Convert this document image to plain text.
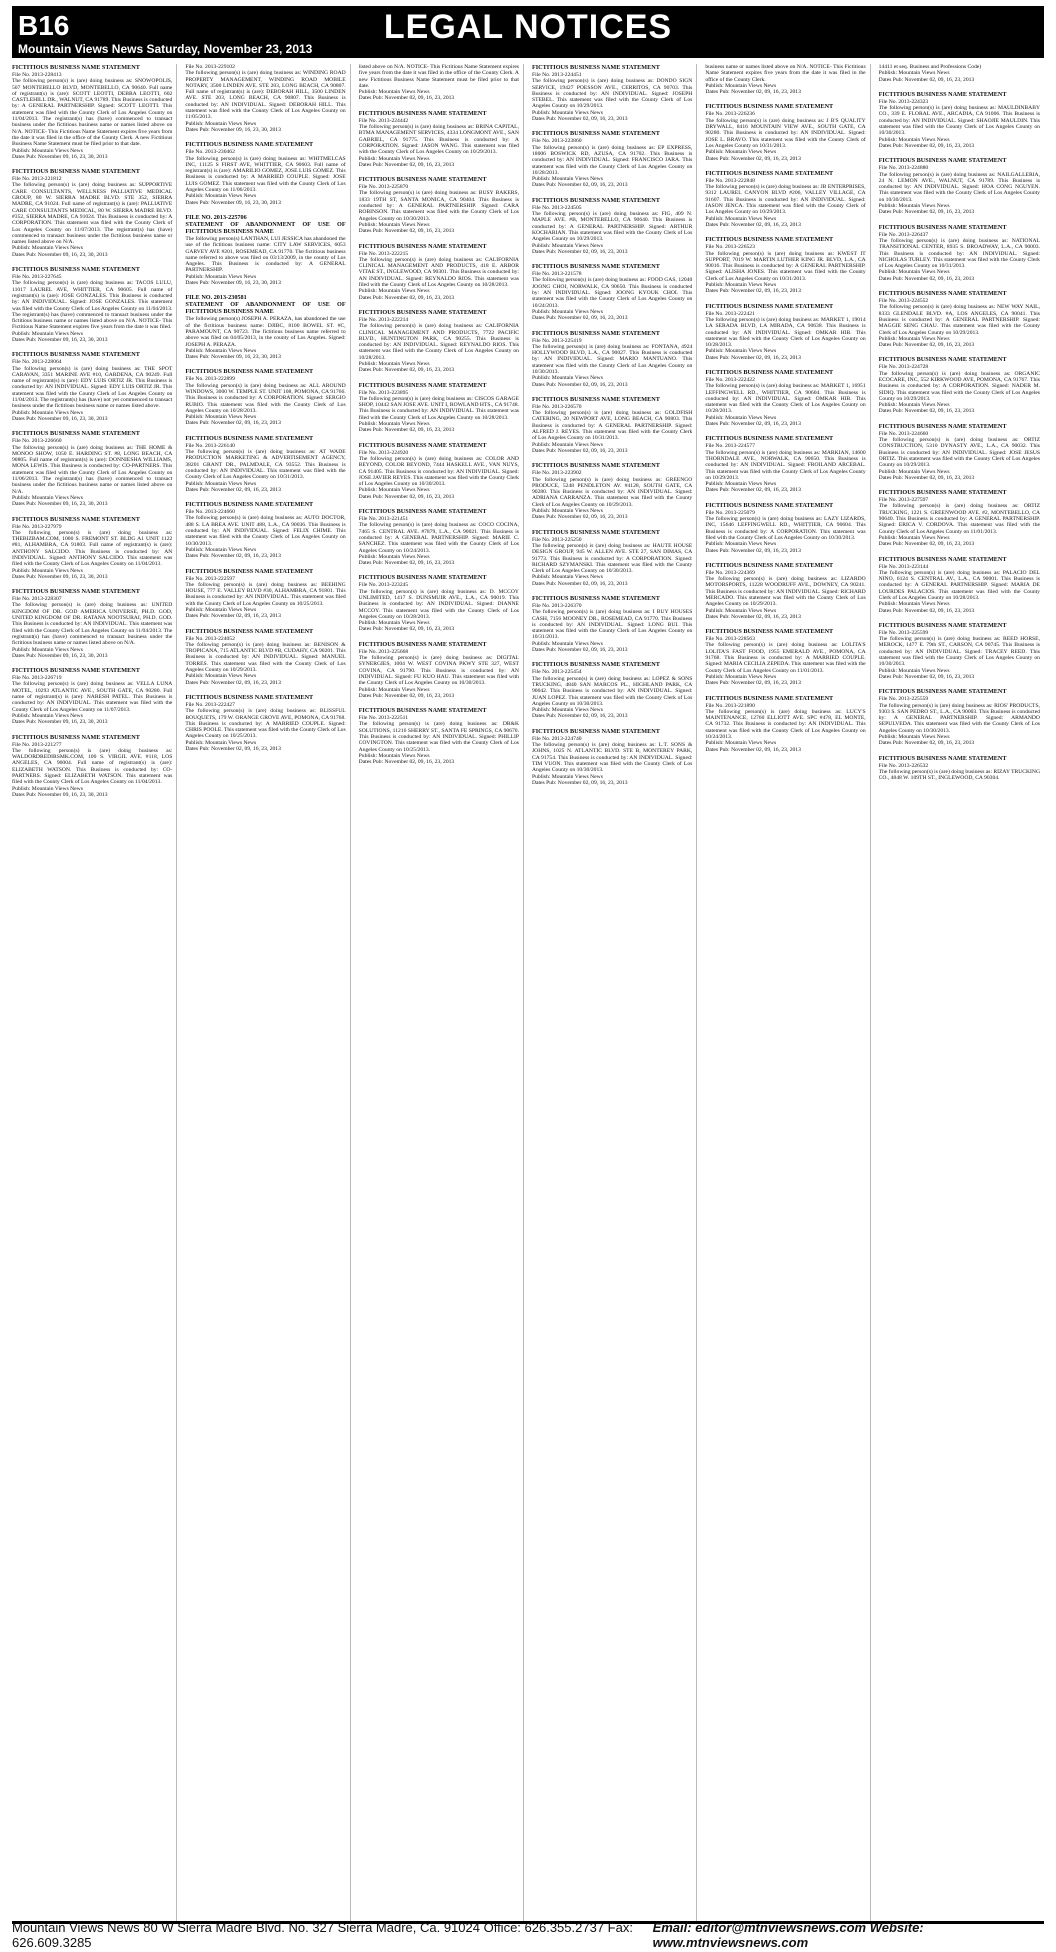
B16	LEGAL NOTICES
Mountain Views News Saturday, November 23, 2013
FICTITIOUS BUSINESS NAME STATEMENT
File No. 2013-228413
The following person(s) is (are) doing business as: SNOWOPOLIS, 507 MONTEBELLO BLVD, MONTEBELLO, CA 90640. Full name of registrant(s) is (are): SCOTT LEOTTI, DEBRA LEOTTI, 602 CASTLEHILL DR., WALNUT, CA 91789. This Business is conducted by: A GENERAL PARTNERSHIP. Signed: SCOTT LEOTTI. This statement was filed with the County Clerk of Los Angeles County on 11/04/2013. The registrant(s) has (have) commenced to transact business under the fictitious business name or names listed above on N/A. NOTICE- This Fictitious Name Statement expires five years from the date it was filed in the office of the County Clerk. A new Fictitious Business Name Statement must be filed prior to that date.
Publish: Mountain Views News
Dates Pub: November 09, 16, 23, 30, 2013
FICTITIOUS BUSINESS NAME STATEMENT
File No. 2013-221812
The following person(s) is (are) doing business as: SUPPORTIVE CARE CONSULTANTS, WELLNESS PALLIATIVE MEDICAL GROUP, 80 W. SIERRA MADRE BLVD. STE 352, SIERRA MADRE, CA 91024. Full name of registrant(s) is (are): PALLIATIVE CARE CONSULTANTS MEDICAL, 80 W. SIERRA MADRE BLVD. #352, SIERRA MADRE, CA 91024. This Business is conducted by: A CORPORATION. This statement was filed with the County Clerk of Los Angeles County on 11/07/2013. The registrant(s) has (have) commenced to transact business under the fictitious business name or names listed above on N/A.
Publish: Mountain Views News
Dates Pub: November 09, 16, 23, 30, 2013
FICTITIOUS BUSINESS NAME STATEMENT
File No. 2013-227645
The following person(s) is (are) doing business as: TACOS LULU, 11017 LAUREL AVE, WHITTIER, CA 90605. Full name of registrant(s) is (are): JOSE GONZALES. This Business is conducted by: AN INDIVIDUAL. Signed: JOSE GONZALES. This statement was filed with the County Clerk of Los Angeles County on 11/04/2013. The registrant(s) has (have) commenced to transact business under the fictitious business name or names listed above on N/A. NOTICE- This Fictitious Name Statement expires five years from the date it was filed.
Publish: Mountain Views News
Dates Pub: November 09, 16, 23, 30, 2013
FICTITIOUS BUSINESS NAME STATEMENT
File No. 2013-228064
The following person(s) is (are) doing business as: THE SPOT CARAVAN, 3351 MARINE AVE #10, GARDENA, CA 90249. Full name of registrant(s) is (are): EDY LUIS ORTIZ JR. This Business is conducted by: AN INDIVIDUAL. Signed: EDY LUIS ORTIZ JR. This statement was filed with the County Clerk of Los Angeles County on 11/04/2013. The registrant(s) has (have) not yet commenced to transact business under the fictitious business name or names listed above.
Publish: Mountain Views News
Dates Pub: November 09, 16, 23, 30, 2013
FICTITIOUS BUSINESS NAME STATEMENT
File No. 2013-226660
The following person(s) is (are) doing business as: THE HOME & MONOO SHOW, 1050 E. HARDING ST. #8, LONG BEACH, CA 90805. Full name of registrant(s) is (are): DONNIESHA WILLIAMS, MONA LEWIS. This Business is conducted by: CO-PARTNERS. This statement was filed with the County Clerk of Los Angeles County on 11/06/2013. The registrant(s) has (have) commenced to transact business under the fictitious business name or names listed above on N/A.
Publish: Mountain Views News
Dates Pub: November 09, 16, 23, 30, 2013
FICTITIOUS BUSINESS NAME STATEMENT
File No. 2013-227979
The following person(s) is (are) doing business as: THEBIZBAM.COM, 1000 S. FREMONT ST. BLDG A1 UNIT 1122 #81, ALHAMBRA, CA 91803. Full name of registrant(s) is (are): ANTHONY SALCIDO. This Business is conducted by: AN INDIVIDUAL. Signed: ANTHONY SALCIDO. This statement was filed with the County Clerk of Los Angeles County on 11/04/2013.
Publish: Mountain Views News
Dates Pub: November 09, 16, 23, 30, 2013
FICTITIOUS BUSINESS NAME STATEMENT
File No. 2013-228307
The following person(s) is (are) doing business as: UNITED KINGDOM OF DR. GOD AMERICA UNIVERSE, PH.D. GOD, UNITED KINGDOM OF DR. RATANA NOOTSURAI, PH.D. GOD. This Business is conducted by: AN INDIVIDUAL. This statement was filed with the County Clerk of Los Angeles County on 11/04/2013. The registrant(s) has (have) commenced to transact business under the fictitious business name or names listed above on N/A.
Publish: Mountain Views News
Dates Pub: November 09, 16, 23, 30, 2013
FICTITIOUS BUSINESS NAME STATEMENT
File No. 2013-226719
The following person(s) is (are) doing business as: VELLA LUNA MOTEL, 10293 ATLANTIC AVE., SOUTH GATE, CA 90280. Full name of registrant(s) is (are): NARESH PATEL. This Business is conducted by: AN INDIVIDUAL. This statement was filed with the County Clerk of Los Angeles County on 11/07/2013.
Publish: Mountain Views News
Dates Pub: November 09, 16, 23, 30, 2013
FICTITIOUS BUSINESS NAME STATEMENT
File No. 2013-221277
The following person(s) is (are) doing business as: WALDORDREDIRSMK.COM, 100 S. VIRGIL AVE. #118, LOS ANGELES, CA 90004. Full name of registrant(s) is (are): ELIZABETH WATSON. This Business is conducted by: CO-PARTNERS. Signed: ELIZABETH WATSON. This statement was filed with the County Clerk of Los Angeles County on 11/04/2013.
Publish: Mountain Views News
Dates Pub: November 09, 16, 23, 30, 2013
File No. 2013-229102
The following person(s) is (are) doing business as: WINDING ROAD PROPERTY MANAGEMENT, WINDING ROAD MOBILE NOTARY, 3500 LINDEN AVE. STE 203, LONG BEACH, CA 90807. Full name of registrant(s) is (are): DEBORAH HILL, 3500 LINDEN AVE. STE 203, LONG BEACH, CA 90807. This Business is conducted by: AN INDIVIDUAL. Signed: DEBORAH HILL. This statement was filed with the County Clerk of Los Angeles County on 11/05/2013.
Publish: Mountain Views News
Dates Pub: November 09, 16, 23, 30, 2013
FICTITIOUS BUSINESS NAME STATEMENT
File No. 2013-230462
The following person(s) is (are) doing business as: WHITMELCAS INC, 11125 S FIRST AVE, WHITTIER, CA 90603. Full name of registrant(s) is (are): AMARILIO GOMEZ, JOSE LUIS GOMEZ. This Business is conducted by: A MARRIED COUPLE. Signed: JOSE LUIS GOMEZ. This statement was filed with the County Clerk of Los Angeles County on 11/06/2013.
Publish: Mountain Views News
Dates Pub: November 09, 16, 23, 30, 2013
FILE NO. 2013-225706
STATEMENT OF ABANDONMENT OF USE OF FICTITIOUS BUSINESS NAME
The following person(s) LANTHAN, LUI JESSICA has abandoned the use of the fictitious business name: CITY LAW SERVICES, 6053 GARVEY AVE #201, ROSEMEAD, CA 91770. The fictitious business name referred to above was filed on 03/13/2009, in the county of Los Angeles. This Business is conducted by: A GENERAL PARTNERSHIP.
Publish: Mountain Views News
Dates Pub: November 09, 16, 23, 30, 2013
FILE NO. 2013-230581
STATEMENT OF ABANDONMENT OF USE OF FICTITIOUS BUSINESS NAME
The following person(s) JOSEPH A. PERAZA, has abandoned the use of the fictitious business name: DJIBC, 8100 BOWEL ST. #C, PARAMOUNT, CA 90723. The fictitious business name referred to above was filed on 04/05/2013, in the county of Los Angeles. Signed: JOSEPH A. PERAZA.
Publish: Mountain Views News
Dates Pub: November 09, 16, 23, 30, 2013
FICTITIOUS BUSINESS NAME STATEMENT
File No. 2013-222899
The following person(s) is (are) doing business as: ALL AROUND WINDOWS, 3000 W. TEMPLE ST. UNIT 108, POMONA, CA 91766. This Business is conducted by: A CORPORATION. Signed: SERGIO RUBIO. This statement was filed with the County Clerk of Los Angeles County on 10/28/2013.
Publish: Mountain Views News
Dates Pub: November 02, 09, 16, 23, 2013
FICTITIOUS BUSINESS NAME STATEMENT
File No. 2013-226140
The following person(s) is (are) doing business as: AT WADE PRODUCTION MARKETING & ADVERTISEMENT AGENCY, 38201 GRANT DR., PALMDALE, CA 93552. This Business is conducted by: AN INDIVIDUAL. This statement was filed with the County Clerk of Los Angeles County on 10/31/2013.
Publish: Mountain Views News
Dates Pub: November 02, 09, 16, 23, 2013
FICTITIOUS BUSINESS NAME STATEMENT
File No. 2013-224660
The following person(s) is (are) doing business as: AUTO DOCTOR, 488 S. LA BREA AVE. UNIT 488, L.A., CA 90036. This Business is conducted by: AN INDIVIDUAL. Signed: FELIX CHIME. This statement was filed with the County Clerk of Los Angeles County on 10/30/2013.
Publish: Mountain Views News
Dates Pub: November 02, 09, 16, 23, 2013
FICTITIOUS BUSINESS NAME STATEMENT
File No. 2013-222597
The following person(s) is (are) doing business as: BEEHING HOUSE, 777 E. VALLEY BLVD #30, ALHAMBRA, CA 91801. This Business is conducted by: AN INDIVIDUAL. This statement was filed with the County Clerk of Los Angeles County on 10/25/2013.
Publish: Mountain Views News
Dates Pub: November 02, 09, 16, 23, 2013
FICTITIOUS BUSINESS NAME STATEMENT
File No. 2013-224052
The following person(s) is (are) doing business as: BENISON & TROPICANA, 715 ATLANTIC BLVD #B, CUDAHY, CA 90201. This Business is conducted by: AN INDIVIDUAL. Signed: MANUEL TORRES. This statement was filed with the County Clerk of Los Angeles County on 10/29/2013.
Publish: Mountain Views News
Dates Pub: November 02, 09, 16, 23, 2013
FICTITIOUS BUSINESS NAME STATEMENT
File No. 2013-222427
The following person(s) is (are) doing business as: BLISSFUL BOUQUETS, 179 W. ORANGE GROVE AVE, POMONA, CA 91768. This Business is conducted by: A MARRIED COUPLE. Signed: CHRIS POOLE. This statement was filed with the County Clerk of Los Angeles County on 10/25/2013.
Publish: Mountain Views News
Dates Pub: November 02, 09, 16, 23, 2013
listed above on N/A. NOTICE- This Fictitious Name Statement expires five years from the date it was filed in the office of the County Clerk. A new Fictitious Business Name Statement must be filed prior to that date.
Publish: Mountain Views News
Dates Pub: November 02, 09, 16, 23, 2013
FICTITIOUS BUSINESS NAME STATEMENT
File No. 2013-224442
The following person(s) is (are) doing business as: BRINA CAPITAL, BTMA MANAGEMENT SERVICES, 4334 LONGMONT AVE., SAN GABRIEL, CA 91775. This Business is conducted by: A CORPORATION. Signed: JASON WANG. This statement was filed with the County Clerk of Los Angeles County on 10/29/2013.
Publish: Mountain Views News
Dates Pub: November 02, 09, 16, 23, 2013
FICTITIOUS BUSINESS NAME STATEMENT
File No. 2013-225870
The following person(s) is (are) doing business as: BUSY BAKERS, 1833 19TH ST, SANTA MONICA, CA 90404. This Business is conducted by: A GENERAL PARTNERSHIP. Signed: CARA ROBINSON. This statement was filed with the County Clerk of Los Angeles County on 10/30/2013.
Publish: Mountain Views News
Dates Pub: November 02, 09, 16, 23, 2013
FICTITIOUS BUSINESS NAME STATEMENT
File No. 2013-222215
The following person(s) is (are) doing business as: CALIFORNIA CLINICAL MANAGEMENT AND PRODUCTS, 418 E. ARBOR VITAE ST., INGLEWOOD, CA 90301. This Business is conducted by: AN INDIVIDUAL. Signed: REYNALDO RIOS. This statement was filed with the County Clerk of Los Angeles County on 10/28/2013.
Publish: Mountain Views News
Dates Pub: November 02, 09, 16, 23, 2013
FICTITIOUS BUSINESS NAME STATEMENT
File No. 2013-222214
The following person(s) is (are) doing business as: CALIFORNIA CLINICAL MANAGEMENT AND PRODUCTS, 7722 PACIFIC BLVD., HUNTINGTON PARK, CA 90255. This Business is conducted by: AN INDIVIDUAL. Signed: REYNALDO RIOS. This statement was filed with the County Clerk of Los Angeles County on 10/28/2013.
Publish: Mountain Views News
Dates Pub: November 02, 09, 16, 23, 2013
FICTITIOUS BUSINESS NAME STATEMENT
File No. 2013-223895
The following person(s) is (are) doing business as: CISCOS GARAGE SHOP, 10442 SAN JOSE AVE. UNIT I, ROWLAND HTS., CA 91748. This Business is conducted by: AN INDIVIDUAL. This statement was filed with the County Clerk of Los Angeles County on 10/28/2013.
Publish: Mountain Views News
Dates Pub: November 02, 09, 16, 23, 2013
FICTITIOUS BUSINESS NAME STATEMENT
File No. 2013-224920
The following person(s) is (are) doing business as: COLOR AND BEYOND, COLOR BEYOND, 7444 HASKELL AVE., VAN NUYS, CA 91405. This Business is conducted by: AN INDIVIDUAL. Signed: JOSE JAVIER REYES. This statement was filed with the County Clerk of Los Angeles County on 10/30/2013.
Publish: Mountain Views News
Dates Pub: November 02, 09, 16, 23, 2013
FICTITIOUS BUSINESS NAME STATEMENT
File No. 2013-221451
The following person(s) is (are) doing business as: COCO COCINA, 7465 S. CENTRAL AVE. #7879, L.A., CA 90021. This Business is conducted by: A GENERAL PARTNERSHIP. Signed: MARIE C. SANCHEZ. This statement was filed with the County Clerk of Los Angeles County on 10/24/2013.
Publish: Mountain Views News
Dates Pub: November 02, 09, 16, 23, 2013
FICTITIOUS BUSINESS NAME STATEMENT
File No. 2013-223245
The following person(s) is (are) doing business as: D. MCCOY UNLIMITED, 1417 S. DUNSMUIR AVE., L.A., CA 90019. This Business is conducted by: AN INDIVIDUAL. Signed: DIANNE MCCOY. This statement was filed with the County Clerk of Los Angeles County on 10/28/2013.
Publish: Mountain Views News
Dates Pub: November 02, 09, 16, 23, 2013
FICTITIOUS BUSINESS NAME STATEMENT
File No. 2013-225668
The following person(s) is (are) doing business as: DIGITAL SYNERGIES, 1004 W. WEST COVINA PKWY STE 327, WEST COVINA, CA 91790. This Business is conducted by: AN INDIVIDUAL. Signed: FU KUO HAU. This statement was filed with the County Clerk of Los Angeles County on 10/30/2013.
Publish: Mountain Views News
Dates Pub: November 02, 09, 16, 23, 2013
FICTITIOUS BUSINESS NAME STATEMENT
File No. 2013-222511
The following person(s) is (are) doing business as: DR&K SOLUTIONS, 11216 SHERRY ST., SANTA FE SPRINGS, CA 90670. This Business is conducted by: AN INDIVIDUAL. Signed: PHILLIP COVINGTON. This statement was filed with the County Clerk of Los Angeles County on 10/25/2013.
Publish: Mountain Views News
Dates Pub: November 02, 09, 16, 23, 2013
FICTITIOUS BUSINESS NAME STATEMENT
File No. 2013-224451
The following person(s) is (are) doing business as: DONDO SIGN SERVICE, 19427 POESSON AVE., CERRITOS, CA 90703. This Business is conducted by: AN INDIVIDUAL. Signed: JOSEPH STEBEL. This statement was filed with the County Clerk of Los Angeles County on 10/29/2013.
Publish: Mountain Views News
Dates Pub: November 02, 09, 16, 23, 2013
FICTITIOUS BUSINESS NAME STATEMENT
File No. 2013-223860
The following person(s) is (are) doing business as: EP EXPRESS, 18006 BOSWICK RD, AZUSA, CA 91702. This Business is conducted by: AN INDIVIDUAL. Signed: FRANCISCO JARA. This statement was filed with the County Clerk of Los Angeles County on 10/28/2013.
Publish: Mountain Views News
Dates Pub: November 02, 09, 16, 23, 2013
FICTITIOUS BUSINESS NAME STATEMENT
File No. 2013-224505
The following person(s) is (are) doing business as: FIG, 409 N. MAPLE AVE. #B, MONTEBELLO, CA 90640. This Business is conducted by: A GENERAL PARTNERSHIP. Signed: ARTHUR KOCHARIAN. This statement was filed with the County Clerk of Los Angeles County on 10/29/2013.
Publish: Mountain Views News
Dates Pub: November 02, 09, 16, 23, 2013
FICTITIOUS BUSINESS NAME STATEMENT
File No. 2013-221578
The following person(s) is (are) doing business as: FOOD GAS, 12040 JOONG CHOI, NORWALK, CA 90650. This Business is conducted by: AN INDIVIDUAL. Signed: JOONG KYOUK CHOI. This statement was filed with the County Clerk of Los Angeles County on 10/24/2013.
Publish: Mountain Views News
Dates Pub: November 02, 09, 16, 23, 2013
FICTITIOUS BUSINESS NAME STATEMENT
File No. 2013-225419
The following person(s) is (are) doing business as: FONTANA, 4924 HOLLYWOOD BLVD, L.A., CA 90027. This Business is conducted by: AN INDIVIDUAL. Signed: MARIO MANTUANO. This statement was filed with the County Clerk of Los Angeles County on 10/30/2013.
Publish: Mountain Views News
Dates Pub: November 02, 09, 16, 23, 2013
FICTITIOUS BUSINESS NAME STATEMENT
File No. 2013-226570
The following person(s) is (are) doing business as: GOLDFISH CATERING, 20 NEWPORT AVE, LONG BEACH, CA 90803. This Business is conducted by: A GENERAL PARTNERSHIP. Signed: ALFRED J. REYES. This statement was filed with the County Clerk of Los Angeles County on 10/31/2013.
Publish: Mountain Views News
Dates Pub: November 02, 09, 16, 23, 2013
FICTITIOUS BUSINESS NAME STATEMENT
File No. 2013-223902
The following person(s) is (are) doing business as: GREENGO PRODUCE, 5248 PENDLETON AV. #4128, SOUTH GATE, CA 90280. This Business is conducted by: AN INDIVIDUAL. Signed: ADRIANA CARRANZA. This statement was filed with the County Clerk of Los Angeles County on 10/29/2013.
Publish: Mountain Views News
Dates Pub: November 02, 09, 16, 23, 2013
FICTITIOUS BUSINESS NAME STATEMENT
File No. 2013-225250
The following person(s) is (are) doing business as: HAUTE HOUSE DESIGN GROUP, 945 W. ALLEN AVE. STE 27, SAN DIMAS, CA 91773. This Business is conducted by: A CORPORATION. Signed: RICHARD SZYMANSKI. This statement was filed with the County Clerk of Los Angeles County on 10/30/2013.
Publish: Mountain Views News
Dates Pub: November 02, 09, 16, 23, 2013
FICTITIOUS BUSINESS NAME STATEMENT
File No. 2013-226370
The following person(s) is (are) doing business as: I BUY HOUSES CASH, 7156 MOONEY DR., ROSEMEAD, CA 91770. This Business is conducted by: AN INDIVIDUAL. Signed: LONG BUI. This statement was filed with the County Clerk of Los Angeles County on 10/31/2013.
Publish: Mountain Views News
Dates Pub: November 02, 09, 16, 23, 2013
FICTITIOUS BUSINESS NAME STATEMENT
File No. 2013-225454
The following person(s) is (are) doing business as: LOPEZ & SONS TRUCKING, 4840 SAN MARCOS PL., HIGHLAND PARK, CA 90042. This Business is conducted by: AN INDIVIDUAL. Signed: JUAN LOPEZ. This statement was filed with the County Clerk of Los Angeles County on 10/30/2013.
Publish: Mountain Views News
Dates Pub: November 02, 09, 16, 23, 2013
FICTITIOUS BUSINESS NAME STATEMENT
File No. 2013-224740
The following person(s) is (are) doing business as: L.T. SONS & JOHNS, 1025 N. ATLANTIC BLVD. STE B, MONTEREY PARK, CA 91754. This Business is conducted by: AN INDIVIDUAL. Signed: TIM VUON. This statement was filed with the County Clerk of Los Angeles County on 10/30/2013.
Publish: Mountain Views News
Dates Pub: November 02, 09, 16, 23, 2013
business name or names listed above on N/A. NOTICE- This Fictitious Name Statement expires five years from the date it was filed in the office of the County Clerk.
Publish: Mountain Views News
Dates Pub: November 02, 09, 16, 23, 2013
FICTITIOUS BUSINESS NAME STATEMENT
File No. 2013-226236
The following person(s) is (are) doing business as: J B'S QUALITY DRYWALL, 8416 MOUNTAIN VIEW AVE., SOUTH GATE, CA 90280. This Business is conducted by: AN INDIVIDUAL. Signed: JOSE L. BRAVO. This statement was filed with the County Clerk of Los Angeles County on 10/31/2013.
Publish: Mountain Views News
Dates Pub: November 02, 09, 16, 23, 2013
FICTITIOUS BUSINESS NAME STATEMENT
File No. 2013-222848
The following person(s) is (are) doing business as: JB ENTERPRISES, 9312 LAUREL CANYON BLVD #206, VALLEY VILLAGE, CA 91607. This Business is conducted by: AN INDIVIDUAL. Signed: JASON JENCA. This statement was filed with the County Clerk of Los Angeles County on 10/29/2013.
Publish: Mountain Views News
Dates Pub: November 02, 09, 16, 23, 2013
FICTITIOUS BUSINESS NAME STATEMENT
File No. 2013-226523
The following person(s) is (are) doing business as: KWEST IT SUPPORT, 7019 W. MARTIN LUTHER KING JR. BLVD, L.A., CA 90016. This Business is conducted by: A GENERAL PARTNERSHIP. Signed: ALISHA JONES. This statement was filed with the County Clerk of Los Angeles County on 10/31/2013.
Publish: Mountain Views News
Dates Pub: November 02, 09, 16, 23, 2013
FICTITIOUS BUSINESS NAME STATEMENT
File No. 2013-222421
The following person(s) is (are) doing business as: MARKET 1, 19014 LA SERADA BLVD, LA MIRADA, CA 90638. This Business is conducted by: AN INDIVIDUAL. Signed: OMKAR HIB. This statement was filed with the County Clerk of Los Angeles County on 10/28/2013.
Publish: Mountain Views News
Dates Pub: November 02, 09, 16, 23, 2013
FICTITIOUS BUSINESS NAME STATEMENT
File No. 2013-222422
The following person(s) is (are) doing business as: MARKET 1, 16951 LEFFINGWELL RD., WHITTIER, CA 90604. This Business is conducted by: AN INDIVIDUAL. Signed: OMKAR HIB. This statement was filed with the County Clerk of Los Angeles County on 10/28/2013.
Publish: Mountain Views News
Dates Pub: November 02, 09, 16, 23, 2013
FICTITIOUS BUSINESS NAME STATEMENT
File No. 2013-224577
The following person(s) is (are) doing business as: MARKIAN, 14600 THORNDALE AVE., NORWALK, CA 90650. This Business is conducted by: AN INDIVIDUAL. Signed: FROILAND ARCEBAL. This statement was filed with the County Clerk of Los Angeles County on 10/29/2013.
Publish: Mountain Views News
Dates Pub: November 02, 09, 16, 23, 2013
FICTITIOUS BUSINESS NAME STATEMENT
File No. 2013-225079
The following person(s) is (are) doing business as: LAZY LIZARDS, INC, 15646 LEFFINGWELL RD., WHITTIER, CA 90604. This Business is conducted by: A CORPORATION. This statement was filed with the County Clerk of Los Angeles County on 10/30/2013.
Publish: Mountain Views News
Dates Pub: November 02, 09, 16, 23, 2013
FICTITIOUS BUSINESS NAME STATEMENT
File No. 2013-224369
The following person(s) is (are) doing business as: LIZARDO MOTORSPORTS, 11228 WOODRUFF AVE., DOWNEY, CA 90241. This Business is conducted by: AN INDIVIDUAL. Signed: RICHARD MERCADO. This statement was filed with the County Clerk of Los Angeles County on 10/29/2013.
Publish: Mountain Views News
Dates Pub: November 02, 09, 16, 23, 2013
FICTITIOUS BUSINESS NAME STATEMENT
File No. 2013-228563
The following person(s) is (are) doing business as: LOLITA'S LOLITA'S FAST FOOD, 1955 EMERALD AVE., POMONA, CA 91768. This Business is conducted by: A MARRIED COUPLE. Signed: MARIA CECILIA ZEPEDA. This statement was filed with the County Clerk of Los Angeles County on 11/01/2013.
Publish: Mountain Views News
Dates Pub: November 02, 09, 16, 23, 2013
FICTITIOUS BUSINESS NAME STATEMENT
File No. 2013-221890
The following person(s) is (are) doing business as: LUCY'S MAINTENANCE, 12760 ELLIOTT AVE. SPC #478, EL MONTE, CA 91732. This Business is conducted by: AN INDIVIDUAL. This statement was filed with the County Clerk of Los Angeles County on 10/24/2013.
Publish: Mountain Views News
Dates Pub: November 02, 09, 16, 23, 2013
14411 et seq. Business and Professions Code)
Publish: Mountain Views News
Dates Pub: November 02, 09, 16, 23, 2013
FICTITIOUS BUSINESS NAME STATEMENT
File No. 2013-224323
The following person(s) is (are) doing business as: MAULDINBABY CO., 339 E. FLORAL AVE., ARCADIA, CA 91006. This Business is conducted by: AN INDIVIDUAL. Signed: SHAOJIE MAULDIN. This statement was filed with the County Clerk of Los Angeles County on 10/30/2013.
Publish: Mountain Views News
Dates Pub: November 02, 09, 16, 23, 2013
FICTITIOUS BUSINESS NAME STATEMENT
File No. 2013-224880
The following person(s) is (are) doing business as: NAILGALLERIA, 24 N. LEMON AVE., WALNUT, CA 91789. This Business is conducted by: AN INDIVIDUAL. Signed: HOA CONG NGUYEN. This statement was filed with the County Clerk of Los Angeles County on 10/30/2013.
Publish: Mountain Views News
Dates Pub: November 02, 09, 16, 23, 2013
FICTITIOUS BUSINESS NAME STATEMENT
File No. 2013-226437
The following person(s) is (are) doing business as: NATIONAL TRANSITIONAL CENTER, 8935 S. BROADWAY, L.A., CA 90003. This Business is conducted by: AN INDIVIDUAL. Signed: NICHOLAS TURLEY. This statement was filed with the County Clerk of Los Angeles County on 10/31/2013.
Publish: Mountain Views News
Dates Pub: November 02, 09, 16, 23, 2013
FICTITIOUS BUSINESS NAME STATEMENT
File No. 2013-224552
The following person(s) is (are) doing business as: NEW WAY NAIL, 8333 GLENDALE BLVD. #A, LOS ANGELES, CA 90041. This Business is conducted by: A GENERAL PARTNERSHIP. Signed: MAGGIE SENG CHAU. This statement was filed with the County Clerk of Los Angeles County on 10/29/2013.
Publish: Mountain Views News
Dates Pub: November 02, 09, 16, 23, 2013
FICTITIOUS BUSINESS NAME STATEMENT
File No. 2013-224728
The following person(s) is (are) doing business as: ORGANIC ECOCARE, INC, 552 KIRKWOOD AVE, POMONA, CA 91767. This Business is conducted by: A CORPORATION. Signed: NADER M. SIDIQ. This statement was filed with the County Clerk of Los Angeles County on 10/29/2013.
Publish: Mountain Views News
Dates Pub: November 02, 09, 16, 23, 2013
FICTITIOUS BUSINESS NAME STATEMENT
File No. 2013-224660
The following person(s) is (are) doing business as: ORTIZ CONSTRUCTION, 5310 DYNASTY AVE., L.A., CA 90032. This Business is conducted by: AN INDIVIDUAL. Signed: JOSE JESUS ORTIZ. This statement was filed with the County Clerk of Los Angeles County on 10/29/2013.
Publish: Mountain Views News
Dates Pub: November 02, 09, 16, 23, 2013
FICTITIOUS BUSINESS NAME STATEMENT
File No. 2013-227597
The following person(s) is (are) doing business as: ORTIZ TRUCKING, 1221 S. GREENWOOD AVE. #2, MONTEBELLO, CA 90640. This Business is conducted by: A GENERAL PARTNERSHIP. Signed: ERICA V. CORDOVA. This statement was filed with the County Clerk of Los Angeles County on 11/01/2013.
Publish: Mountain Views News
Dates Pub: November 02, 09, 16, 23, 2013
FICTITIOUS BUSINESS NAME STATEMENT
File No. 2013-223144
The following person(s) is (are) doing business as: PALACIO DEL NINO, 6124 S. CENTRAL AV., L.A., CA 90001. This Business is conducted by: A GENERAL PARTNERSHIP. Signed: MARIA DE LOURDES PALACIOS. This statement was filed with the County Clerk of Los Angeles County on 10/28/2013.
Publish: Mountain Views News
Dates Pub: November 02, 09, 16, 23, 2013
FICTITIOUS BUSINESS NAME STATEMENT
File No. 2013-225599
The following person(s) is (are) doing business as: REED HORSE, MEROCK, 1477 E. 79th ST., CARSON, CA 90745. This Business is conducted by: AN INDIVIDUAL. Signed: TRACEY REED. This statement was filed with the County Clerk of Los Angeles County on 10/30/2013.
Publish: Mountain Views News
Dates Pub: November 02, 09, 16, 23, 2013
FICTITIOUS BUSINESS NAME STATEMENT
File No. 2013-225559
The following person(s) is (are) doing business as: RIOS' PRODUCTS, 9303 S. SAN PEDRO ST., L.A., CA 90003. This Business is conducted by: A GENERAL PARTNERSHIP. Signed: ARMANDO SEPULVEDA. This statement was filed with the County Clerk of Los Angeles County on 10/30/2013.
Publish: Mountain Views News
Dates Pub: November 02, 09, 16, 23, 2013
FICTITIOUS BUSINESS NAME STATEMENT
File No. 2013-226532
The following person(s) is (are) doing business as: RIZAY TRUCKING CO., 4848 W. 109TH ST., INGLEWOOD, CA 90304.
Mountain Views News 80 W Sierra Madre Blvd. No. 327 Sierra Madre, Ca. 91024 Office: 626.355.2737 Fax: 626.609.3285
Email: editor@mtnviewsnews.com Website: www.mtnviewsnews.com
